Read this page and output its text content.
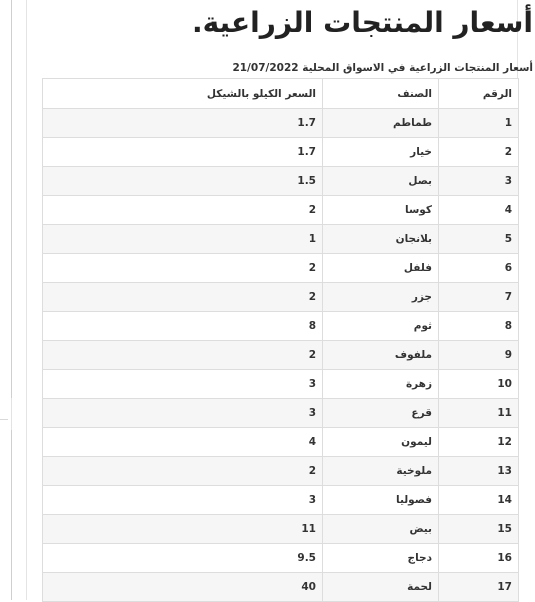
أسعار المنتجات الزراعية.
أسعار المنتجات الزراعية في الاسواق المحلية 21/07/2022
الرقم	الصنف	السعر الكيلو بالشيكل
1	طماطم	1.7
2	خيار	1.7
3	بصل	1.5
4	كوسا	2
5	بلانجان	1
6	فلفل	2
7	جزر	2
8	ثوم	8
9	ملفوف	2
10	زهرة	3
11	قرع	3
12	ليمون	4
13	ملوخية	2
14	فصوليا	3
15	بيض	11
16	دجاج	9.5
17	لحمة	40
